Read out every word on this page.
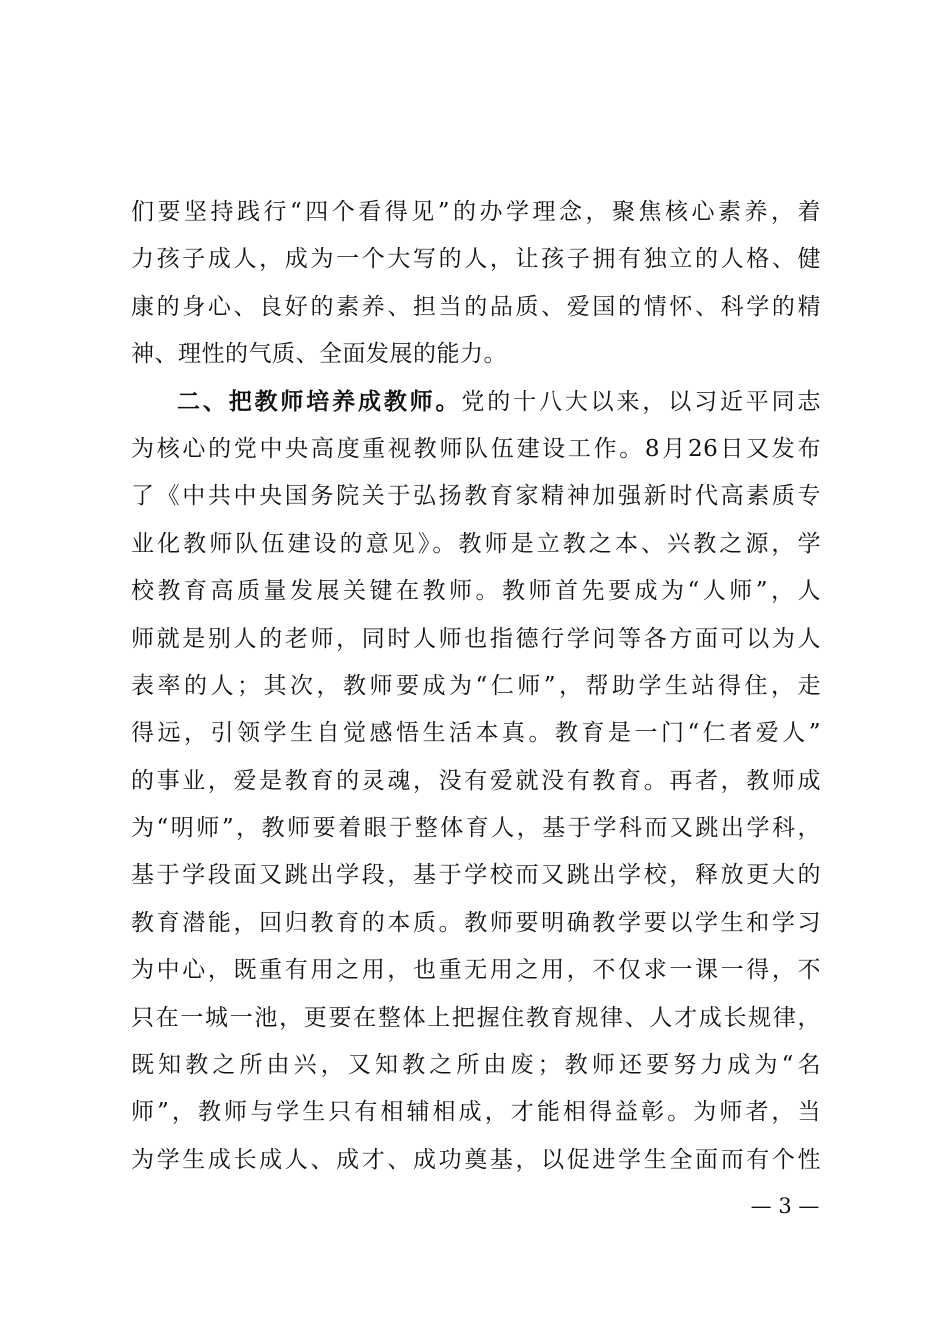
们要坚持践行“四个看得见”的办学理念，聚焦核心素养，着
力孩子成人，成为一个大写的人，让孩子拥有独立的人格、健
康的身心、良好的素养、担当的品质、爱国的情怀、科学的精
神、理性的气质、全面发展的能力。
二、把教师培养成教师。党的十八大以来，以习近平同志
为核心的党中央高度重视教师队伍建设工作。8月26日又发布
了《中共中央国务院关于弘扬教育家精神加强新时代高素质专
业化教师队伍建设的意见》。教师是立教之本、兴教之源，学
校教育高质量发展关键在教师。教师首先要成为“人师”，人
师就是别人的老师，同时人师也指德行学问等各方面可以为人
表率的人；其次，教师要成为“仁师”，帮助学生站得住，走
得远，引领学生自觉感悟生活本真。教育是一门“仁者爱人”
的事业，爱是教育的灵魂，没有爱就没有教育。再者，教师成
为“明师”，教师要着眼于整体育人，基于学科而又跳出学科，
基于学段面又跳出学段，基于学校而又跳出学校，释放更大的
教育潜能，回归教育的本质。教师要明确教学要以学生和学习
为中心，既重有用之用，也重无用之用，不仅求一课一得，不
只在一城一池，更要在整体上把握住教育规律、人才成长规律，
既知教之所由兴，又知教之所由废；教师还要努力成为“名
师”，教师与学生只有相辅相成，才能相得益彰。为师者，当
为学生成长成人、成才、成功奠基，以促进学生全面而有个性
— 3 —
